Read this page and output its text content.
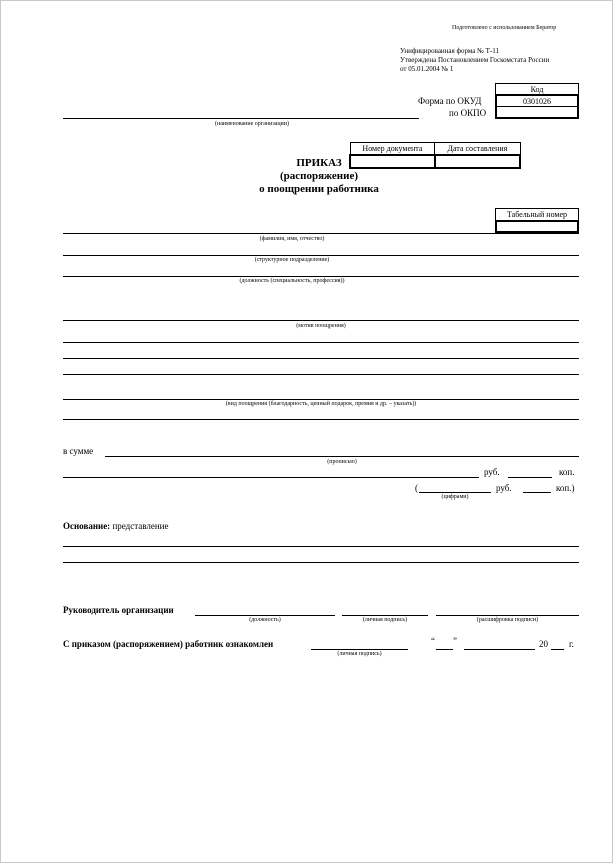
Подготовлено с использованием Бератор
Унифицированная форма № Т-11
Утверждена Постановлением Госкомстата России
от 05.01.2004 № 1
Код
0301026
Форма по ОКУД
по ОКПО
(наименование организации)
Номер документа	Дата составления

ПРИКАЗ
(распоряжение)
о поощрении работника
Табельный номер
(фамилия, имя, отчество)
(структурное подразделение)
(должность (специальность, профессия))
(мотив поощрения)
(вид поощрения (благодарность, ценный подарок, премия и др. – указать))
в сумме
(прописью)
руб.	коп.
(
(цифрами)
руб.	коп.)
Основание: представление
Руководитель организации
(должность)	(личная подпись)	(расшифровка подписи)
С приказом (распоряжением) работник ознакомлен
(личная подпись)
“ ”	20 г.
